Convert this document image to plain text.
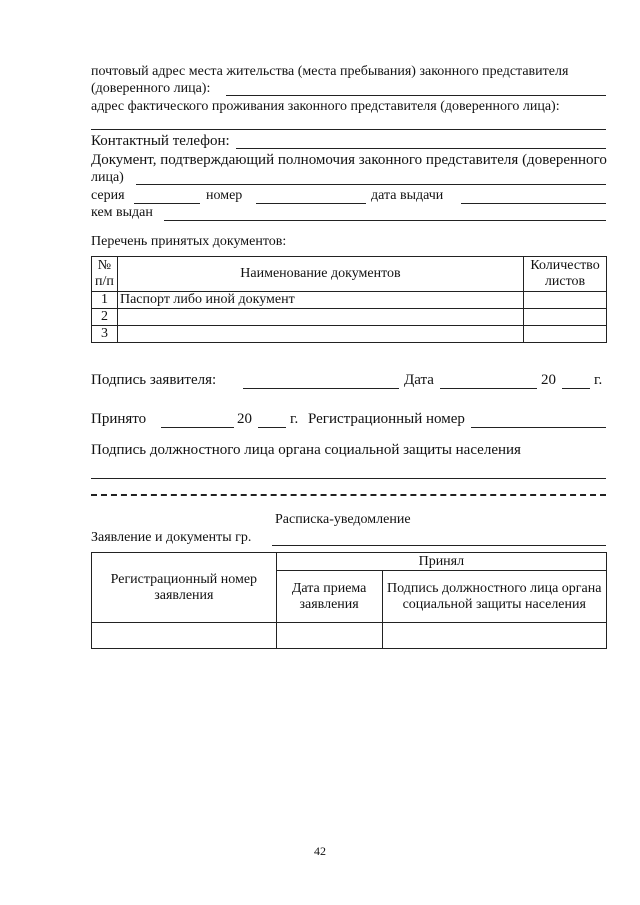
почтовый адрес места жительства (места пребывания) законного представителя
(доверенного лица):
адрес фактического проживания законного представителя (доверенного лица):
Контактный телефон:
Документ, подтверждающий полномочия законного представителя (доверенного
лица)
серия	номер	дата выдачи
кем выдан
Перечень принятых документов:
№ п/п	Наименование документов	Количество листов
1	Паспорт либо иной документ	
2		
3		
Подпись заявителя:	Дата	20	г.
Принято	20	г. Регистрационный номер
Подпись должностного лица органа социальной защиты населения
Расписка-уведомление
Заявление и документы гр.
Регистрационный номер заявления	Принял	
	Дата приема заявления	Подпись должностного лица органа социальной защиты населения

42
